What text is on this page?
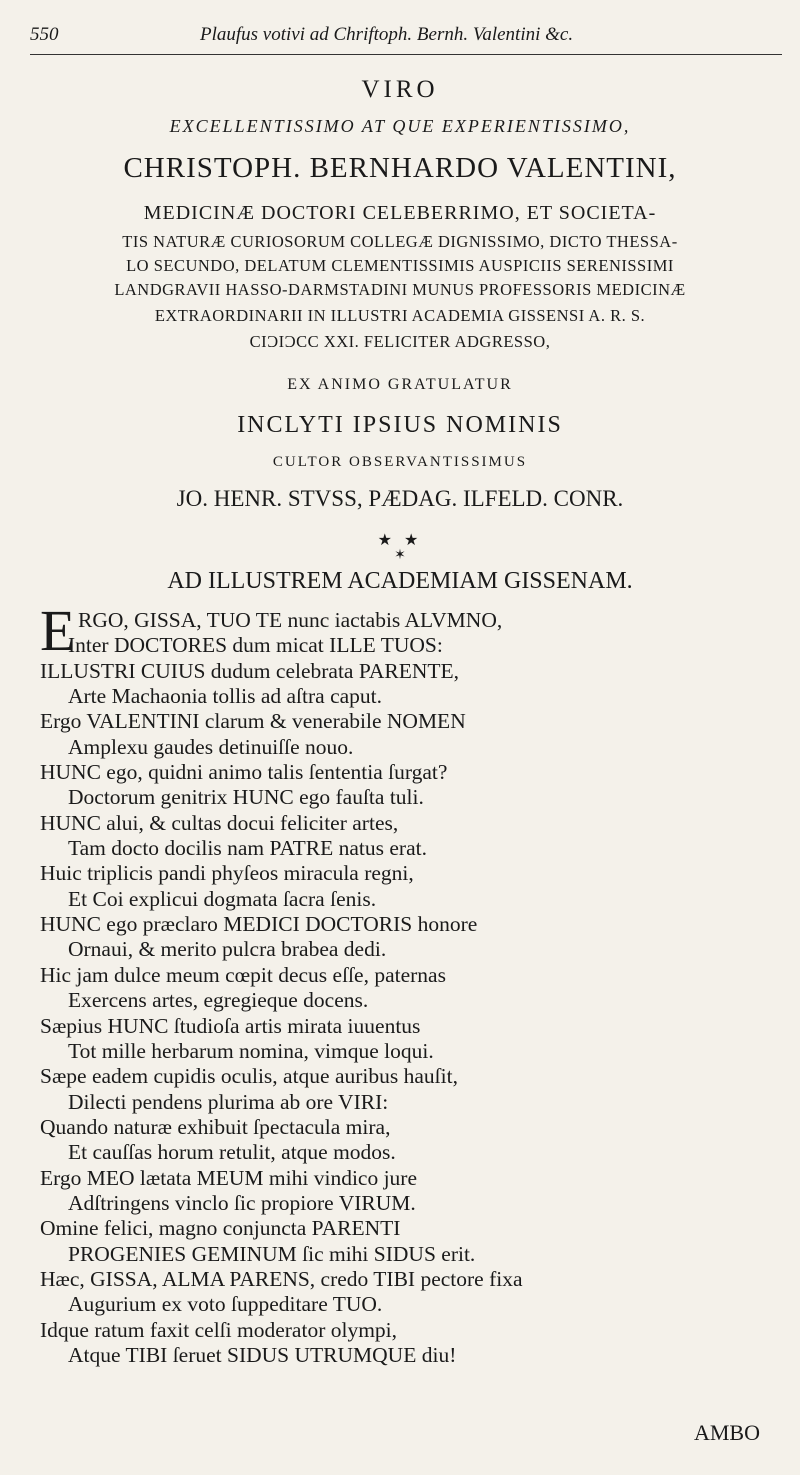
550	Plaufus votivi ad Chriftoph. Bernh. Valentini &c.
VIRO
EXCELLENTISSIMO AT QUE EXPERIENTISSIMO,
CHRISTOPH. BERNHARDO VALENTINI,
MEDICINÆ DOCTORI CELEBERRIMO, ET SOCIETA-
TIS NATURÆ CURIOSORUM COLLEGÆ DIGNISSIMO, DICTO THESSA-
LO SECUNDO, DELATUM CLEMENTISSIMIS AUSPICIIS SERENISSIMI
LANDGRAVII HASSO-DARMSTADINI MUNUS PROFESSORIS MEDICINÆ
EXTRAORDINARII IN ILLUSTRI ACADEMIA GISSENSI A. R. S.
CIƆIƆCC XXI. FELICITER ADGRESSO,
EX ANIMO GRATULATUR
INCLYTI IPSIUS NOMINIS
CULTOR OBSERVANTISSIMUS
JO. HENR. STVSS, PÆDAG. ILFELD. CONR.
★ ★
✶
AD ILLUSTREM ACADEMIAM GISSENAM.
E RGO, GISSA, TUO TE nunc iactabis ALVMNO,
Inter DOCTORES dum micat ILLE TUOS:
ILLUSTRI CUIUS dudum celebrata PARENTE,
Arte Machaonia tollis ad aſtra caput.
Ergo VALENTINI clarum & venerabile NOMEN
Amplexu gaudes detinuiſſe nouo.
HUNC ego, quidni animo talis ſententia ſurgat?
Doctorum genitrix HUNC ego fauſta tuli.
HUNC alui, & cultas docui feliciter artes,
Tam docto docilis nam PATRE natus erat.
Huic triplicis pandi phyſeos miracula regni,
Et Coi explicui dogmata ſacra ſenis.
HUNC ego præclaro MEDICI DOCTORIS honore
Ornaui, & merito pulcra brabea dedi.
Hic jam dulce meum cœpit decus eſſe, paternas
Exercens artes, egregieque docens.
Sæpius HUNC ſtudioſa artis mirata iuuentus
Tot mille herbarum nomina, vimque loqui.
Sæpe eadem cupidis oculis, atque auribus hauſit,
Dilecti pendens plurima ab ore VIRI:
Quando naturæ exhibuit ſpectacula mira,
Et cauſſas horum retulit, atque modos.
Ergo MEO lætata MEUM mihi vindico jure
Adſtringens vinclo ſic propiore VIRUM.
Omine felici, magno conjuncta PARENTI
PROGENIES GEMINUM ſic mihi SIDUS erit.
Hæc, GISSA, ALMA PARENS, credo TIBI pectore fixa
Augurium ex voto ſuppeditare TUO.
Idque ratum faxit celſi moderator olympi,
Atque TIBI ſeruet SIDUS UTRUMQUE diu!
AMBO
